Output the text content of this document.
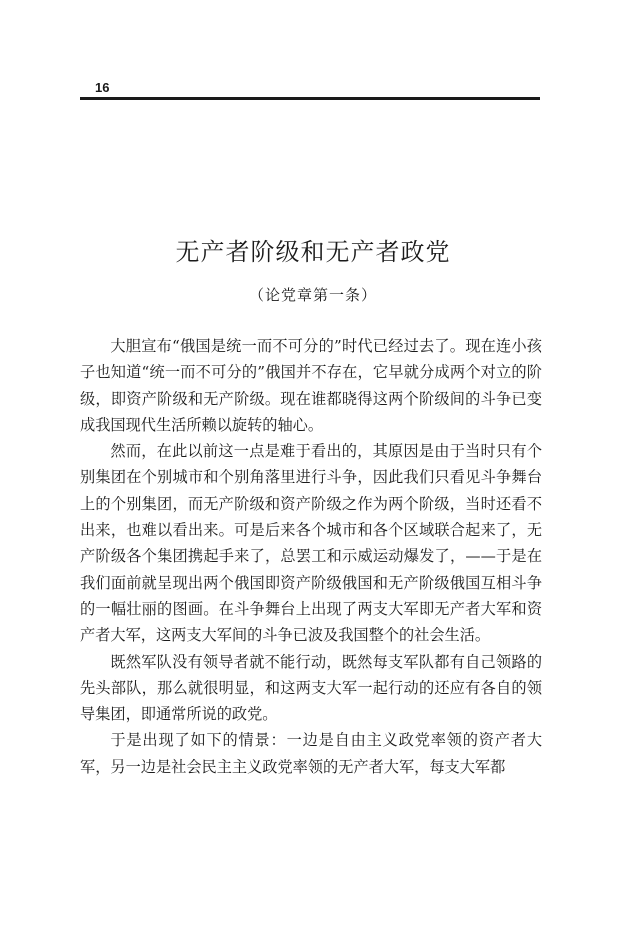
16
无产者阶级和无产者政党
（论党章第一条）

大胆宣布“俄国是统一而不可分的”时代已经过去了。现在连小孩子也知道“统一而不可分的”俄国并不存在，它早就分成两个对立的阶级，即资产阶级和无产阶级。现在谁都晓得这两个阶级间的斗争已变成我国现代生活所赖以旋转的轴心。

然而，在此以前这一点是难于看出的，其原因是由于当时只有个别集团在个别城市和个别角落里进行斗争，因此我们只看见斗争舞台上的个别集团，而无产阶级和资产阶级之作为两个阶级，当时还看不出来，也难以看出来。可是后来各个城市和各个区域联合起来了，无产阶级各个集团携起手来了，总罢工和示威运动爆发了，——于是在我们面前就呈现出两个俄国即资产阶级俄国和无产阶级俄国互相斗争的一幅壮丽的图画。在斗争舞台上出现了两支大军即无产者大军和资产者大军，这两支大军间的斗争已波及我国整个的社会生活。

既然军队没有领导者就不能行动，既然每支军队都有自己领路的先头部队，那么就很明显，和这两支大军一起行动的还应有各自的领导集团，即通常所说的政党。

于是出现了如下的情景：一边是自由主义政党率领的资产者大军，另一边是社会民主主义政党率领的无产者大军，每支大军都
